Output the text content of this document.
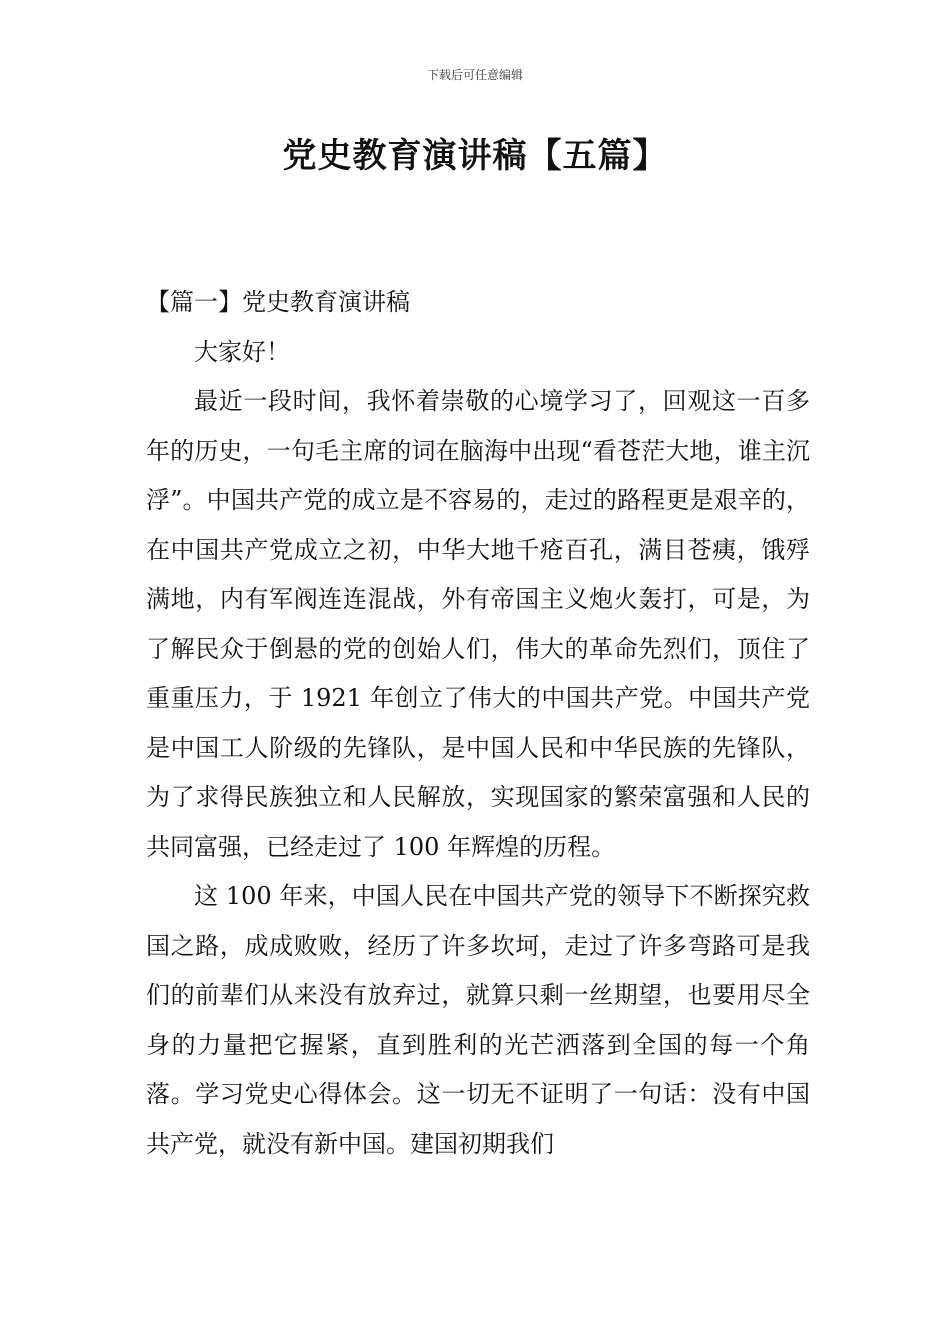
下载后可任意编辑
党史教育演讲稿【五篇】

【篇一】党史教育演讲稿

大家好！

最近一段时间，我怀着崇敬的心境学习了，回观这一百多年的历史，一句毛主席的词在脑海中出现“看苍茫大地，谁主沉浮”。中国共产党的成立是不容易的，走过的路程更是艰辛的，在中国共产党成立之初，中华大地千疮百孔，满目苍痍，饿殍满地，内有军阀连连混战，外有帝国主义炮火轰打，可是，为了解民众于倒悬的党的创始人们，伟大的革命先烈们，顶住了重重压力，于 1921 年创立了伟大的中国共产党。中国共产党是中国工人阶级的先锋队，是中国人民和中华民族的先锋队，为了求得民族独立和人民解放，实现国家的繁荣富强和人民的共同富强，已经走过了 100 年辉煌的历程。

这 100 年来，中国人民在中国共产党的领导下不断探究救国之路，成成败败，经历了许多坎坷，走过了许多弯路可是我们的前辈们从来没有放弃过，就算只剩一丝期望，也要用尽全身的力量把它握紧，直到胜利的光芒洒落到全国的每一个角落。学习党史心得体会。这一切无不证明了一句话：没有中国共产党，就没有新中国。建国初期我们
